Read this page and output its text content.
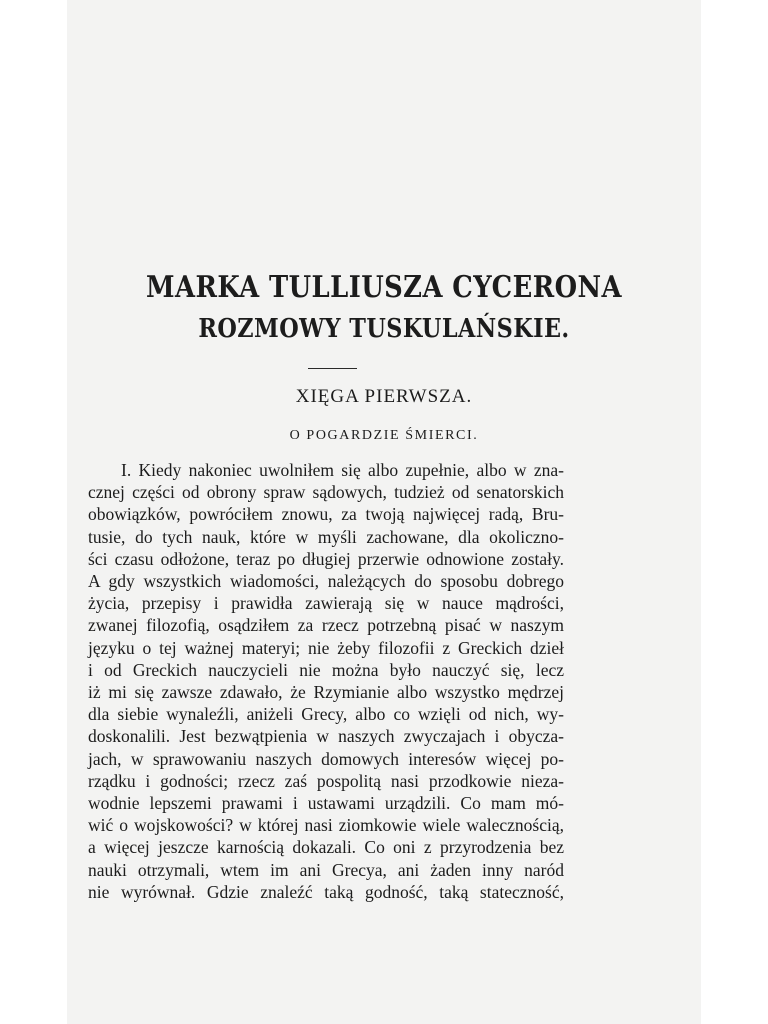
MARKA TULLIUSZA CYCERONA
ROZMOWY TUSKULAŃSKIE.
XIĘGA PIERWSZA.
O POGARDZIE ŚMIERCI.
I. Kiedy nakoniec uwolniłem się albo zupełnie, albo w zna-
cznej części od obrony spraw sądowych, tudzież od senatorskich
obowiązków, powróciłem znowu, za twoją najwięcej radą, Bru-
tusie, do tych nauk, które w myśli zachowane, dla okoliczno-
ści czasu odłożone, teraz po długiej przerwie odnowione zostały.
A gdy wszystkich wiadomości, należących do sposobu dobrego
życia, przepisy i prawidła zawierają się w nauce mądrości,
zwanej filozofią, osądziłem za rzecz potrzebną pisać w naszym
języku o tej ważnej materyi; nie żeby filozofii z Greckich dzieł
i od Greckich nauczycieli nie można było nauczyć się, lecz
iż mi się zawsze zdawało, że Rzymianie albo wszystko mędrzej
dla siebie wynaleźli, aniżeli Grecy, albo co wzięli od nich, wy-
doskonalili. Jest bezwątpienia w naszych zwyczajach i obycza-
jach, w sprawowaniu naszych domowych interesów więcej po-
rządku i godności; rzecz zaś pospolitą nasi przodkowie nieza-
wodnie lepszemi prawami i ustawami urządzili. Co mam mó-
wić o wojskowości? w której nasi ziomkowie wiele walecznością,
a więcej jeszcze karnością dokazali. Co oni z przyrodzenia bez
nauki otrzymali, wtem im ani Grecya, ani żaden inny naród
nie wyrównał. Gdzie znaleźć taką godność, taką stateczność,
